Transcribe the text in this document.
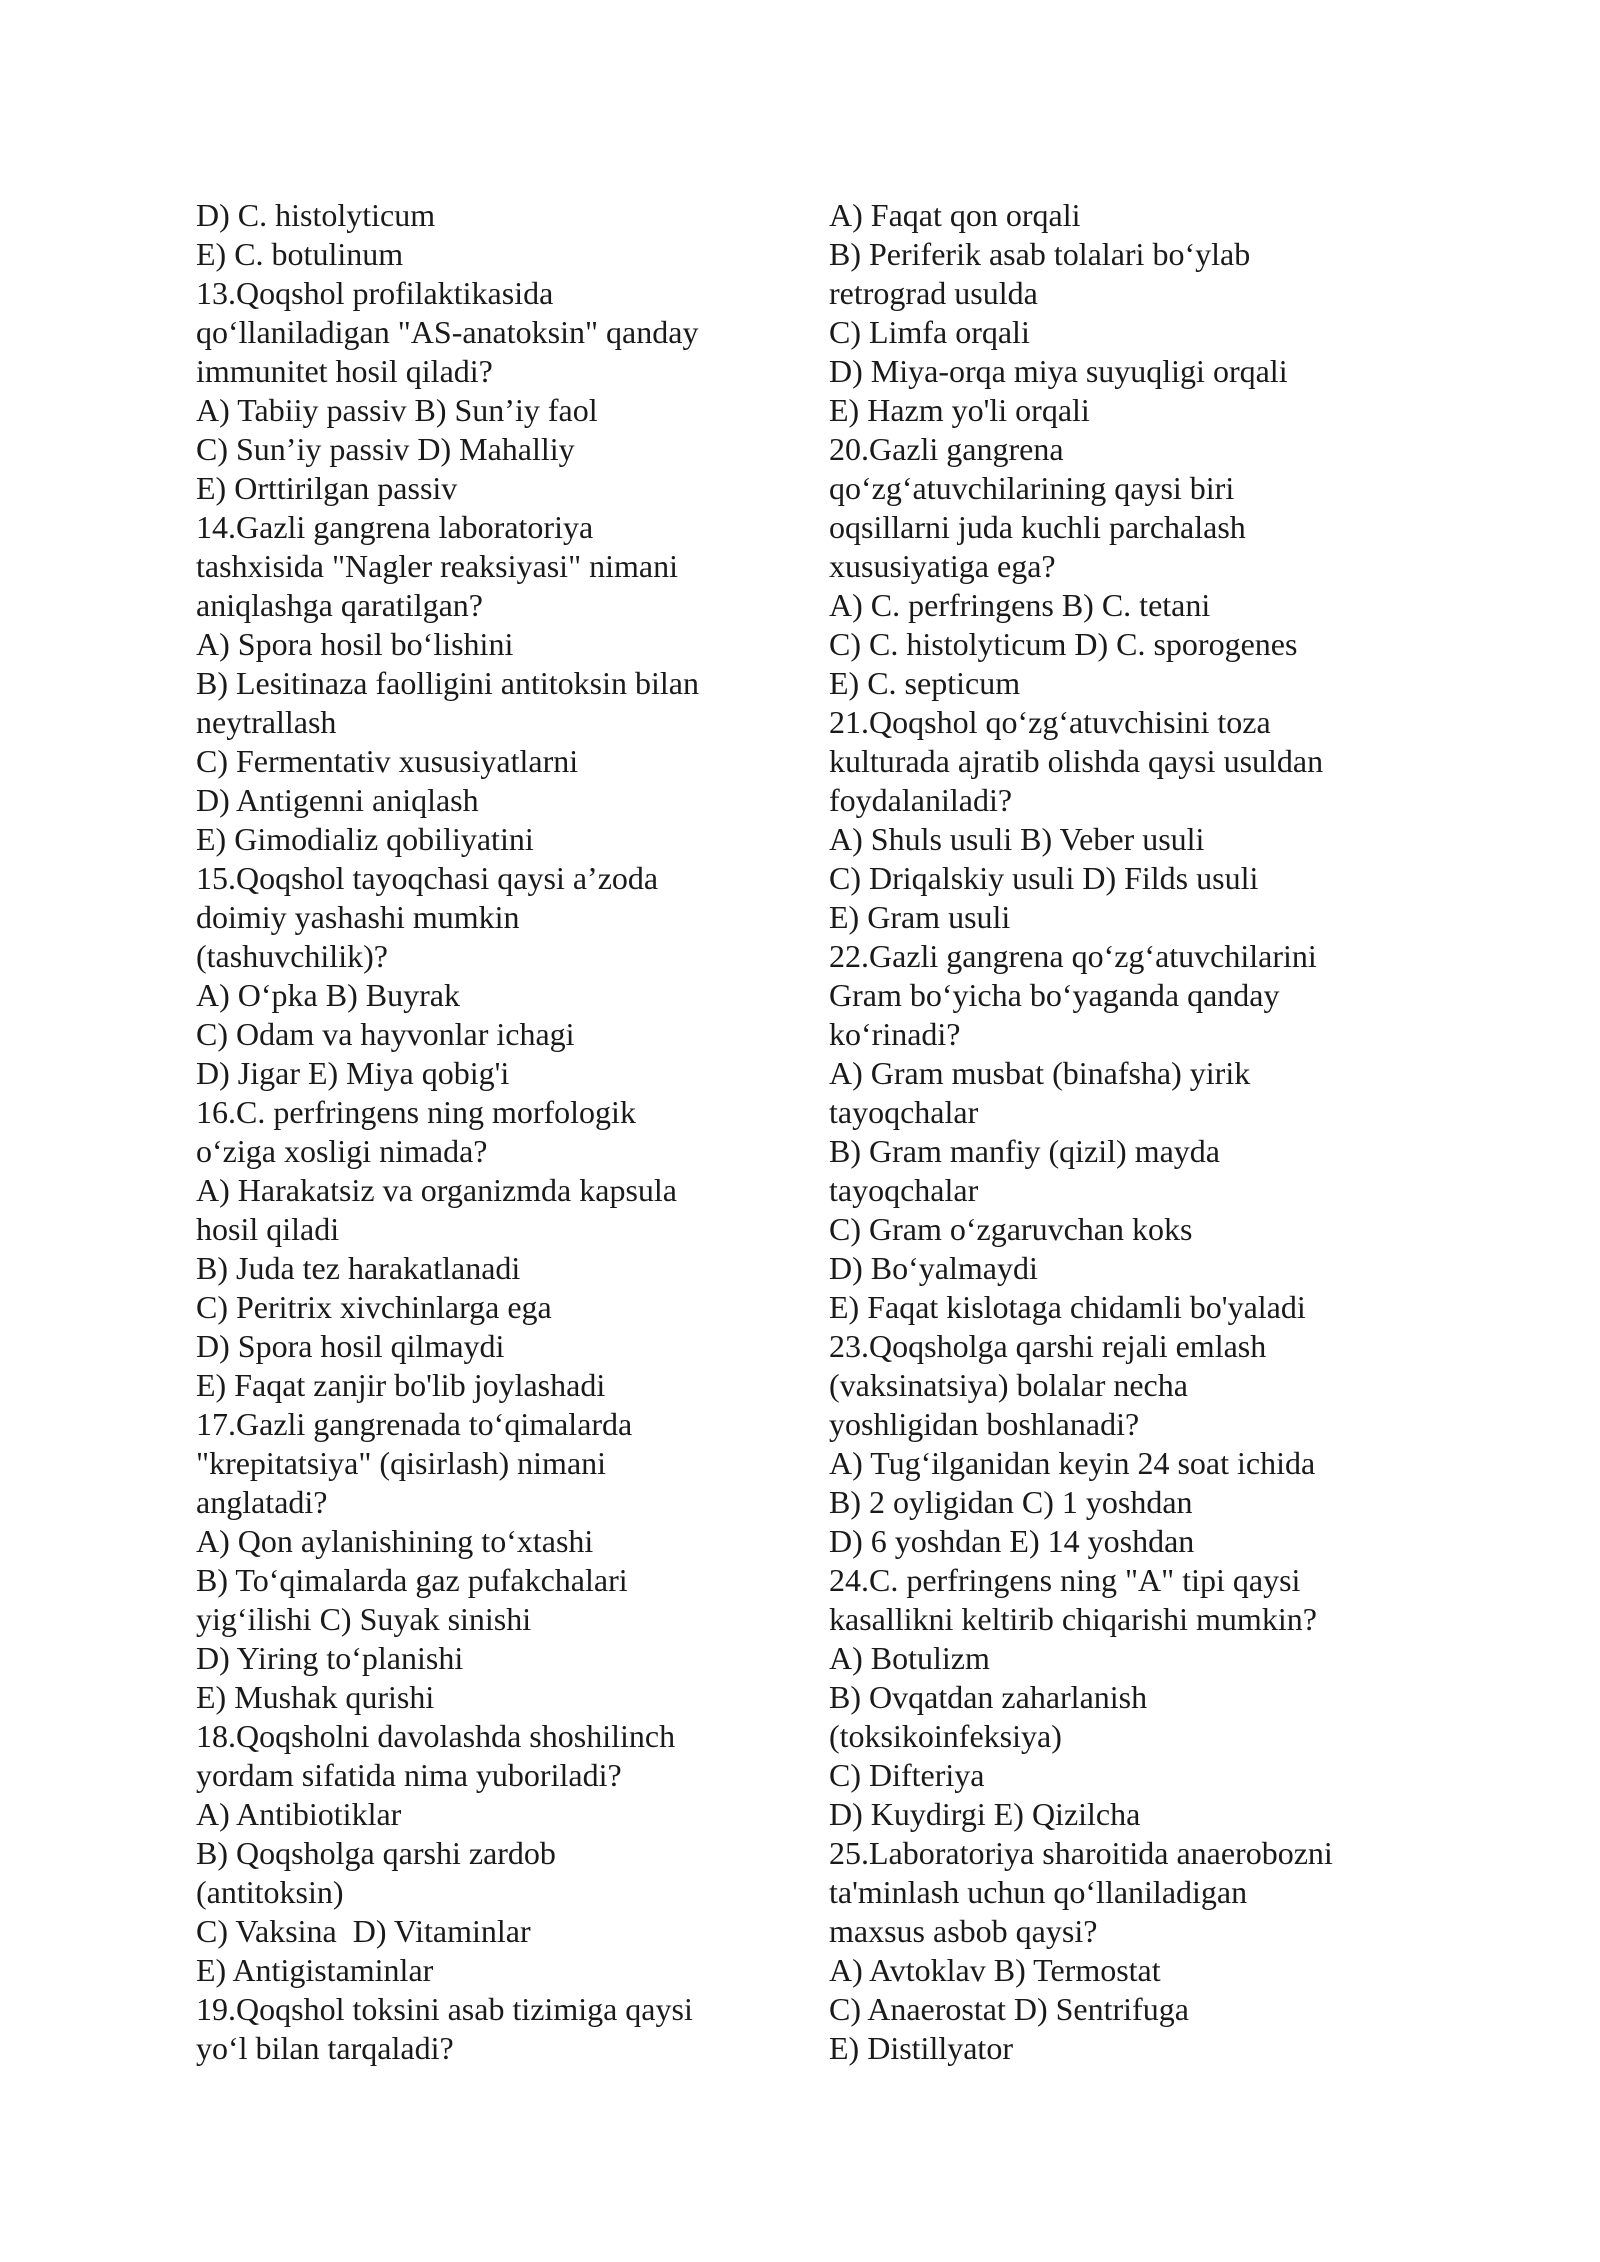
D) C. histolyticum
E) C. botulinum
13.Qoqshol profilaktikasida
qo‘llaniladigan "AS-anatoksin" qanday
immunitet hosil qiladi?
A) Tabiiy passiv B) Sun’iy faol
C) Sun’iy passiv D) Mahalliy
E) Orttirilgan passiv
14.Gazli gangrena laboratoriya
tashxisida "Nagler reaksiyasi" nimani
aniqlashga qaratilgan?
A) Spora hosil bo‘lishini
B) Lesitinaza faolligini antitoksin bilan
neytrallash
C) Fermentativ xususiyatlarni
D) Antigenni aniqlash
E) Gimodializ qobiliyatini
15.Qoqshol tayoqchasi qaysi a’zoda
doimiy yashashi mumkin
(tashuvchilik)?
A) O‘pka B) Buyrak
C) Odam va hayvonlar ichagi
D) Jigar E) Miya qobig'i
16.C. perfringens ning morfologik
o‘ziga xosligi nimada?
A) Harakatsiz va organizmda kapsula
hosil qiladi
B) Juda tez harakatlanadi
C) Peritrix xivchinlarga ega
D) Spora hosil qilmaydi
E) Faqat zanjir bo'lib joylashadi
17.Gazli gangrenada to‘qimalarda
"krepitatsiya" (qisirlash) nimani
anglatadi?
A) Qon aylanishining to‘xtashi
B) To‘qimalarda gaz pufakchalari
yig‘ilishi C) Suyak sinishi
D) Yiring to‘planishi
E) Mushak qurishi
18.Qoqsholni davolashda shoshilinch
yordam sifatida nima yuboriladi?
A) Antibiotiklar
B) Qoqsholga qarshi zardob
(antitoksin)
C) Vaksina  D) Vitaminlar
E) Antigistaminlar
19.Qoqshol toksini asab tizimiga qaysi
yo‘l bilan tarqaladi?
A) Faqat qon orqali
B) Periferik asab tolalari bo‘ylab
retrograd usulda
C) Limfa orqali
D) Miya-orqa miya suyuqligi orqali
E) Hazm yo'li orqali
20.Gazli gangrena
qo‘zg‘atuvchilarining qaysi biri
oqsillarni juda kuchli parchalash
xususiyatiga ega?
A) C. perfringens B) C. tetani
C) C. histolyticum D) C. sporogenes
E) C. septicum
21.Qoqshol qo‘zg‘atuvchisini toza
kulturada ajratib olishda qaysi usuldan
foydalaniladi?
A) Shuls usuli B) Veber usuli
C) Driqalskiy usuli D) Filds usuli
E) Gram usuli
22.Gazli gangrena qo‘zg‘atuvchilarini
Gram bo‘yicha bo‘yaganda qanday
ko‘rinadi?
A) Gram musbat (binafsha) yirik
tayoqchalar
B) Gram manfiy (qizil) mayda
tayoqchalar
C) Gram o‘zgaruvchan koks
D) Bo‘yalmaydi
E) Faqat kislotaga chidamli bo'yaladi
23.Qoqsholga qarshi rejali emlash
(vaksinatsiya) bolalar necha
yoshligidan boshlanadi?
A) Tug‘ilganidan keyin 24 soat ichida
B) 2 oyligidan C) 1 yoshdan
D) 6 yoshdan E) 14 yoshdan
24.C. perfringens ning "A" tipi qaysi
kasallikni keltirib chiqarishi mumkin?
A) Botulizm
B) Ovqatdan zaharlanish
(toksikoinfeksiya)
C) Difteriya
D) Kuydirgi E) Qizilcha
25.Laboratoriya sharoitida anaerobozni
ta'minlash uchun qo‘llaniladigan
maxsus asbob qaysi?
A) Avtoklav B) Termostat
C) Anaerostat D) Sentrifuga
E) Distillyator
